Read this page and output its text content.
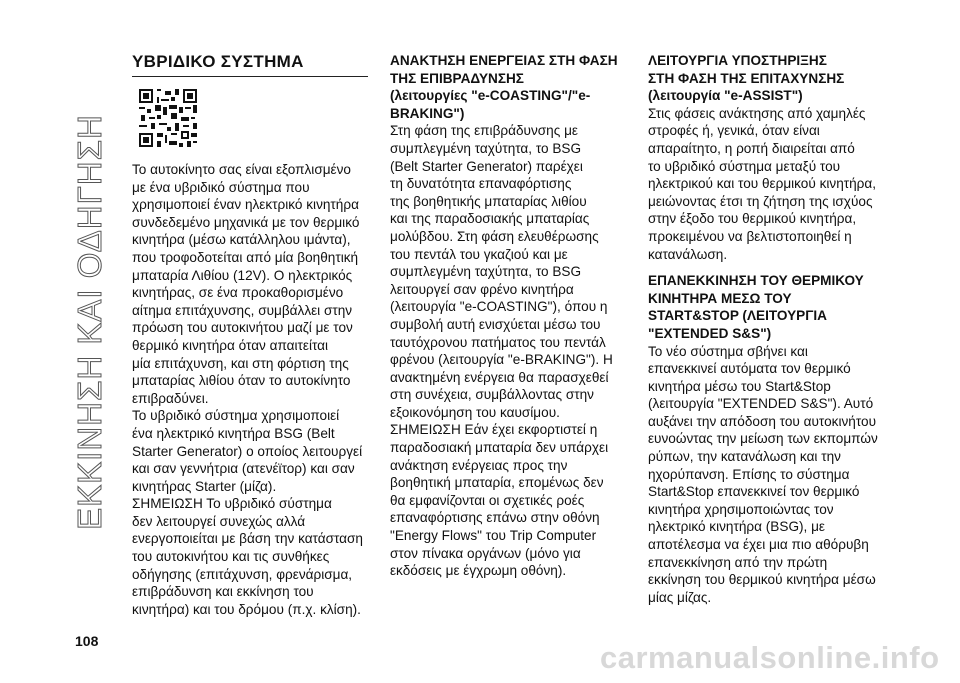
ΕΚΚΙΝΗΣΗ ΚΑΙ ΟΔΗΓΗΣΗ
ΥΒΡΙΔΙΚΟ ΣΥΣΤΗΜΑ
Το αυτοκίνητο σας είναι εξοπλισμένο
με ένα υβριδικό σύστημα που
χρησιμοποιεί έναν ηλεκτρικό κινητήρα
συνδεδεμένο μηχανικά με τον θερμικό
κινητήρα (μέσω κατάλληλου ιμάντα),
που τροφοδοτείται από μία βοηθητική
μπαταρία Λιθίου (12V). Ο ηλεκτρικός
κινητήρας, σε ένα προκαθορισμένο
αίτημα επιτάχυνσης, συμβάλλει στην
πρόωση του αυτοκινήτου μαζί με τον
θερμικό κινητήρα όταν απαιτείται
μία επιτάχυνση, και στη φόρτιση της
μπαταρίας λιθίου όταν το αυτοκίνητο
επιβραδύνει.
Το υβριδικό σύστημα χρησιμοποιεί
ένα ηλεκτρικό κινητήρα BSG (Belt
Starter Generator) ο οποίος λειτουργεί
και σαν γεννήτρια (ατενέϊτορ) και σαν
κινητήρας Starter (μίζα).
ΣΗΜΕΙΩΣΗ Το υβριδικό σύστημα
δεν λειτουργεί συνεχώς αλλά
ενεργοποιείται με βάση την κατάσταση
του αυτοκινήτου και τις συνθήκες
οδήγησης (επιτάχυνση, φρενάρισμα,
επιβράδυνση και εκκίνηση του
κινητήρα) και του δρόμου (π.χ. κλίση).
ΑΝΑΚΤΗΣΗ ΕΝΕΡΓΕΙΑΣ ΣΤΗ ΦΑΣΗ
ΤΗΣ ΕΠΙΒΡΑΔΥΝΣΗΣ
(λειτουργίες "e-COASTING"/"e-
BRAKING")
Στη φάση της επιβράδυνσης με
συμπλεγμένη ταχύτητα, το BSG
(Belt Starter Generator) παρέχει
τη δυνατότητα επαναφόρτισης
της βοηθητικής μπαταρίας λιθίου
και της παραδοσιακής μπαταρίας
μολύβδου. Στη φάση ελευθέρωσης
του πεντάλ του γκαζιού και με
συμπλεγμένη ταχύτητα, το BSG
λειτουργεί σαν φρένο κινητήρα
(λειτουργία "e-COASTING"), όπου η
συμβολή αυτή ενισχύεται μέσω του
ταυτόχρονου πατήματος του πεντάλ
φρένου (λειτουργία "e-BRAKING"). Η
ανακτημένη ενέργεια θα παρασχεθεί
στη συνέχεια, συμβάλλοντας στην
εξοικονόμηση του καυσίμου.
ΣΗΜΕΙΩΣΗ Εάν έχει εκφορτιστεί η
παραδοσιακή μπαταρία δεν υπάρχει
ανάκτηση ενέργειας προς την
βοηθητική μπαταρία, επομένως δεν
θα εμφανίζονται οι σχετικές ροές
επαναφόρτισης επάνω στην οθόνη
"Energy Flows" του Trip Computer
στον πίνακα οργάνων (μόνο για
εκδόσεις με έγχρωμη οθόνη).
ΛΕΙΤΟΥΡΓΙΑ ΥΠΟΣΤΗΡΙΞΗΣ
ΣΤΗ ΦΑΣΗ ΤΗΣ ΕΠΙΤΑΧΥΝΣΗΣ
(λειτουργία "e-ASSIST")
Στις φάσεις ανάκτησης από χαμηλές
στροφές ή, γενικά, όταν είναι
απαραίτητο, η ροπή διαιρείται από
το υβριδικό σύστημα μεταξύ του
ηλεκτρικού και του θερμικού κινητήρα,
μειώνοντας έτσι τη ζήτηση της ισχύος
στην έξοδο του θερμικού κινητήρα,
προκειμένου να βελτιστοποιηθεί η
κατανάλωση.
ΕΠΑΝΕΚΚΙΝΗΣΗ ΤΟΥ ΘΕΡΜΙΚΟΥ
ΚΙΝΗΤΗΡΑ ΜΕΣΩ ΤΟΥ
START&STOP (ΛΕΙΤΟΥΡΓΙΑ
"EXTENDED S&S")
Το νέο σύστημα σβήνει και
επανεκκινεί αυτόματα τον θερμικό
κινητήρα μέσω του Start&Stop
(λειτουργία "EXTENDED S&S"). Αυτό
αυξάνει την απόδοση του αυτοκινήτου
ευνοώντας την μείωση των εκπομπών
ρύπων, την κατανάλωση και την
ηχορύπανση. Επίσης το σύστημα
Start&Stop επανεκκινεί τον θερμικό
κινητήρα χρησιμοποιώντας τον
ηλεκτρικό κινητήρα (BSG), με
αποτέλεσμα να έχει μια πιο αθόρυβη
επανεκκίνηση από την πρώτη
εκκίνηση του θερμικού κινητήρα μέσω
μίας μίζας.
108	carmanualsonline.info
